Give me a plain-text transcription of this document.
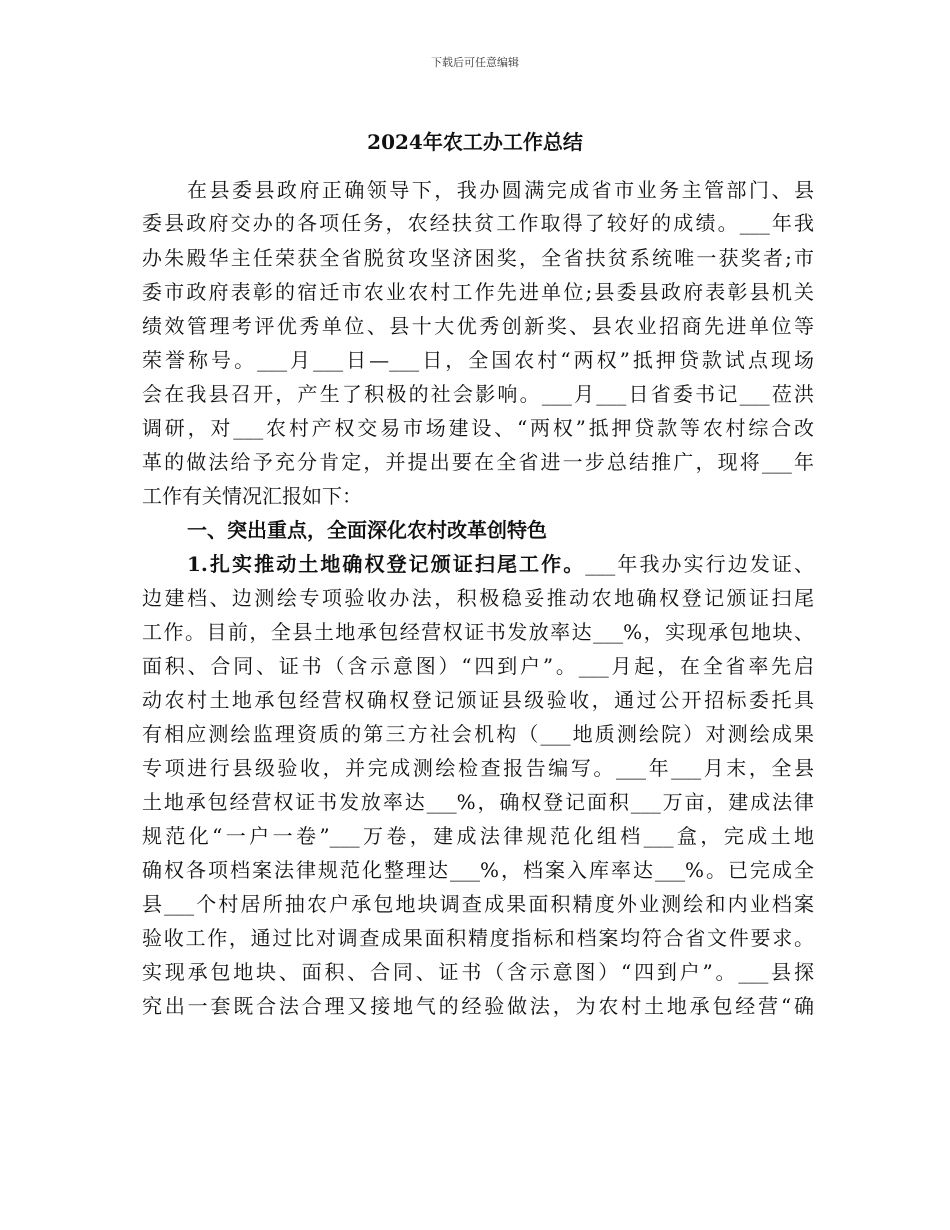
下载后可任意编辑
2024年农工办工作总结
在县委县政府正确领导下，我办圆满完成省市业务主管部门、县
委县政府交办的各项任务，农经扶贫工作取得了较好的成绩。___年我
办朱殿华主任荣获全省脱贫攻坚济困奖，全省扶贫系统唯一获奖者;市
委市政府表彰的宿迁市农业农村工作先进单位;县委县政府表彰县机关
绩效管理考评优秀单位、县十大优秀创新奖、县农业招商先进单位等
荣誉称号。___月___日—___日，全国农村“两权”抵押贷款试点现场
会在我县召开，产生了积极的社会影响。___月___日省委书记___莅洪
调研，对___农村产权交易市场建设、“两权”抵押贷款等农村综合改
革的做法给予充分肯定，并提出要在全省进一步总结推广，现将___年
工作有关情况汇报如下：
一、突出重点，全面深化农村改革创特色
1.扎实推动土地确权登记颁证扫尾工作。___年我办实行边发证、
边建档、边测绘专项验收办法，积极稳妥推动农地确权登记颁证扫尾
工作。目前，全县土地承包经营权证书发放率达___%，实现承包地块、
面积、合同、证书（含示意图）“四到户”。___月起，在全省率先启
动农村土地承包经营权确权登记颁证县级验收，通过公开招标委托具
有相应测绘监理资质的第三方社会机构（___地质测绘院）对测绘成果
专项进行县级验收，并完成测绘检查报告编写。___年___月末，全县
土地承包经营权证书发放率达___%，确权登记面积___万亩，建成法律
规范化“一户一卷”___万卷，建成法律规范化组档___盒，完成土地
确权各项档案法律规范化整理达___%，档案入库率达___%。已完成全
县___个村居所抽农户承包地块调查成果面积精度外业测绘和内业档案
验收工作，通过比对调查成果面积精度指标和档案均符合省文件要求。
实现承包地块、面积、合同、证书（含示意图）“四到户”。___县探
究出一套既合法合理又接地气的经验做法，为农村土地承包经营“确
